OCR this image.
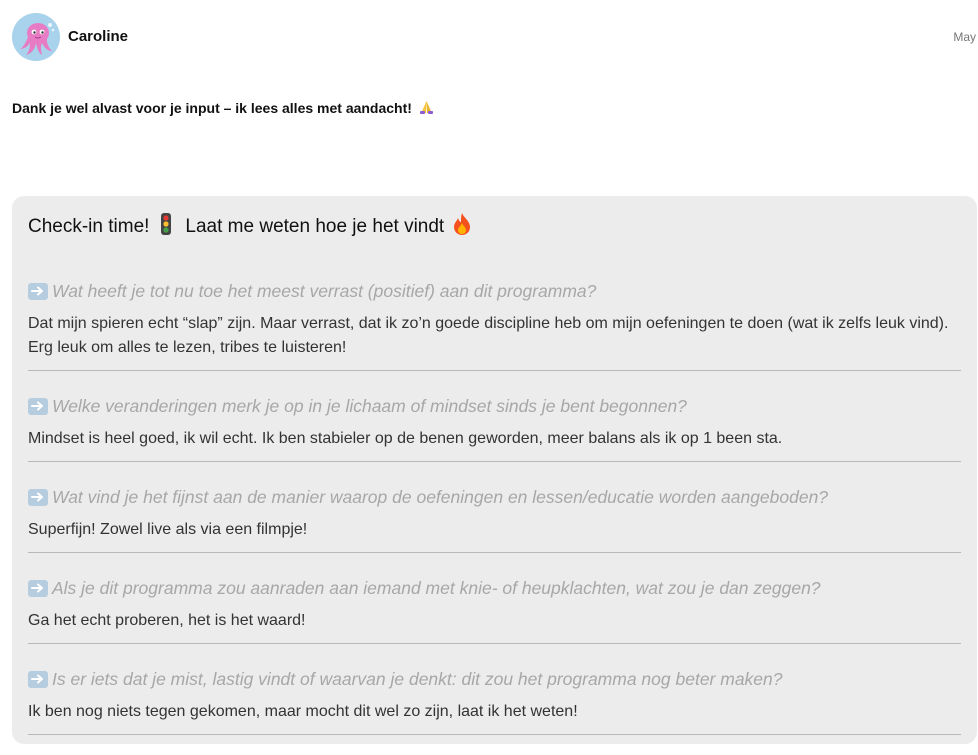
Caroline	May
Dank je wel alvast voor je input – ik lees alles met aandacht!
Check-in time! Laat me weten hoe je het vindt
Wat heeft je tot nu toe het meest verrast (positief) aan dit programma?
Dat mijn spieren echt “slap” zijn. Maar verrast, dat ik zo’n goede discipline heb om mijn oefeningen te doen (wat ik zelfs leuk vind). Erg leuk om alles te lezen, tribes te luisteren!
Welke veranderingen merk je op in je lichaam of mindset sinds je bent begonnen?
Mindset is heel goed, ik wil echt. Ik ben stabieler op de benen geworden, meer balans als ik op 1 been sta.
Wat vind je het fijnst aan de manier waarop de oefeningen en lessen/educatie worden aangeboden?
Superfijn! Zowel live als via een filmpje!
Als je dit programma zou aanraden aan iemand met knie- of heupklachten, wat zou je dan zeggen?
Ga het echt proberen, het is het waard!
Is er iets dat je mist, lastig vindt of waarvan je denkt: dit zou het programma nog beter maken?
Ik ben nog niets tegen gekomen, maar mocht dit wel zo zijn, laat ik het weten!
